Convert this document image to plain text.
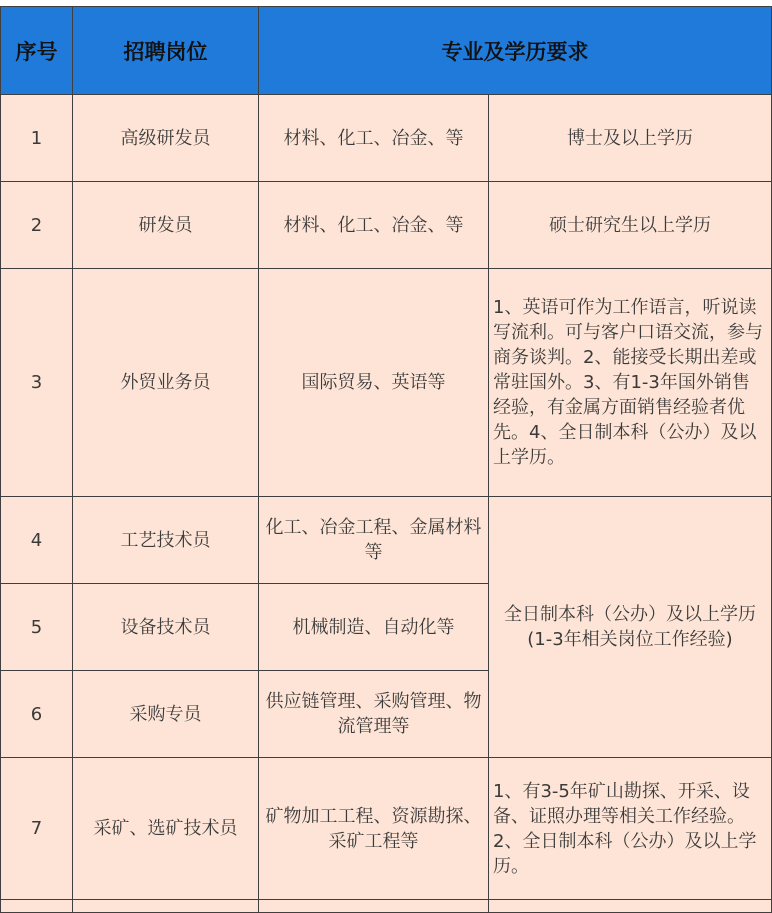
序号	招聘岗位	专业及学历要求	
1	高级研发员	材料、化工、冶金、等	博士及以上学历
2	研发员	材料、化工、冶金、等	硕士研究生以上学历
3	外贸业务员	国际贸易、英语等	1、英语可作为工作语言，听说读写流利。可与客户口语交流，参与商务谈判。2、能接受长期出差或常驻国外。3、有1-3年国外销售经验，有金属方面销售经验者优先。4、全日制本科（公办）及以上学历。
4	工艺技术员	化工、冶金工程、金属材料等	全日制本科（公办）及以上学历(1-3年相关岗位工作经验)
5	设备技术员	机械制造、自动化等	
6	采购专员	供应链管理、采购管理、物流管理等	
7	采矿、选矿技术员	矿物加工工程、资源勘探、采矿工程等	1、有3-5年矿山勘探、开采、设备、证照办理等相关工作经验。2、全日制本科（公办）及以上学历。
